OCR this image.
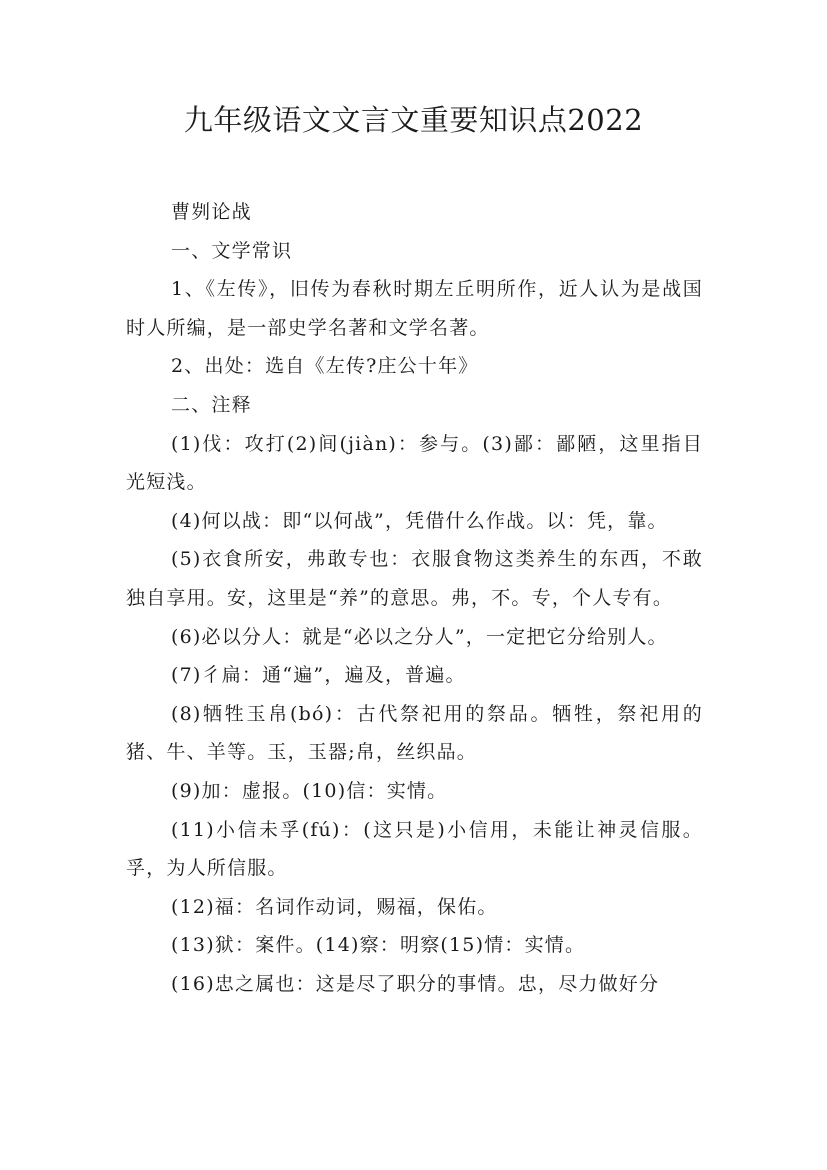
九年级语文文言文重要知识点2022

曹刿论战

一、文学常识

1、《左传》，旧传为春秋时期左丘明所作，近人认为是战国时人所编，是一部史学名著和文学名著。

2、出处：选自《左传?庄公十年》

二、注释

(1)伐：攻打(2)间(jiàn)：参与。(3)鄙：鄙陋，这里指目光短浅。

(4)何以战：即“以何战”，凭借什么作战。以：凭，靠。

(5)衣食所安，弗敢专也：衣服食物这类养生的东西，不敢独自享用。安，这里是“养”的意思。弗，不。专，个人专有。

(6)必以分人：就是“必以之分人”，一定把它分给别人。

(7)彳扁：通“遍”，遍及，普遍。

(8)牺牲玉帛(bó)：古代祭祀用的祭品。牺牲，祭祀用的猪、牛、羊等。玉，玉器;帛，丝织品。

(9)加：虚报。(10)信：实情。

(11)小信未孚(fú)：(这只是)小信用，未能让神灵信服。孚，为人所信服。

(12)福：名词作动词，赐福，保佑。

(13)狱：案件。(14)察：明察(15)情：实情。

(16)忠之属也：这是尽了职分的事情。忠，尽力做好分
